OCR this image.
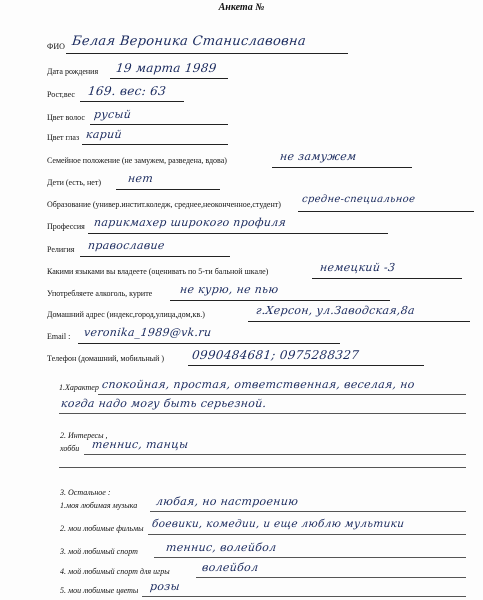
Анкета №
ФИО Белая Вероника Станиславовна
Дата рождения 19 марта 1989
Рост,вес 169. вес: 63
Цвет волос русый
Цвет глаз карий
Семейное положение (не замужем, разведена, вдова)	не замужем
Дети (есть, нет) нет
Образование (универ.инстит.коледж, среднее,неоконченное,студент) средне-специальное
Профессия парикмахер широкого профиля
Религия православие
Какими языками вы владеете (оценивать по 5-ти бальной шкале)	немецкий -3
Употребляете алкоголь, курите не курю, не пью
Домашний адрес (индекс,город,улица,дом,кв.)	г.Херсон, ул.Заводская,8а
Email : veronika_1989@vk.ru
Телефон (домашний, мобильный ) 0990484681; 0975288327
1.Характер спокойная, простая, ответственная, веселая, но
когда надо могу быть серьезной.
2. Интересы ,
хобби теннис, танцы
3. Остальное :
1.моя любимая музыка любая, но настроению
2. мои любимые фильмы боевики, комедии, и еще люблю мультики
3. мой любимый спорт теннис, волейбол
4. мой любимый спорт для игры	волейбол
5. мои любимые цветы розы
